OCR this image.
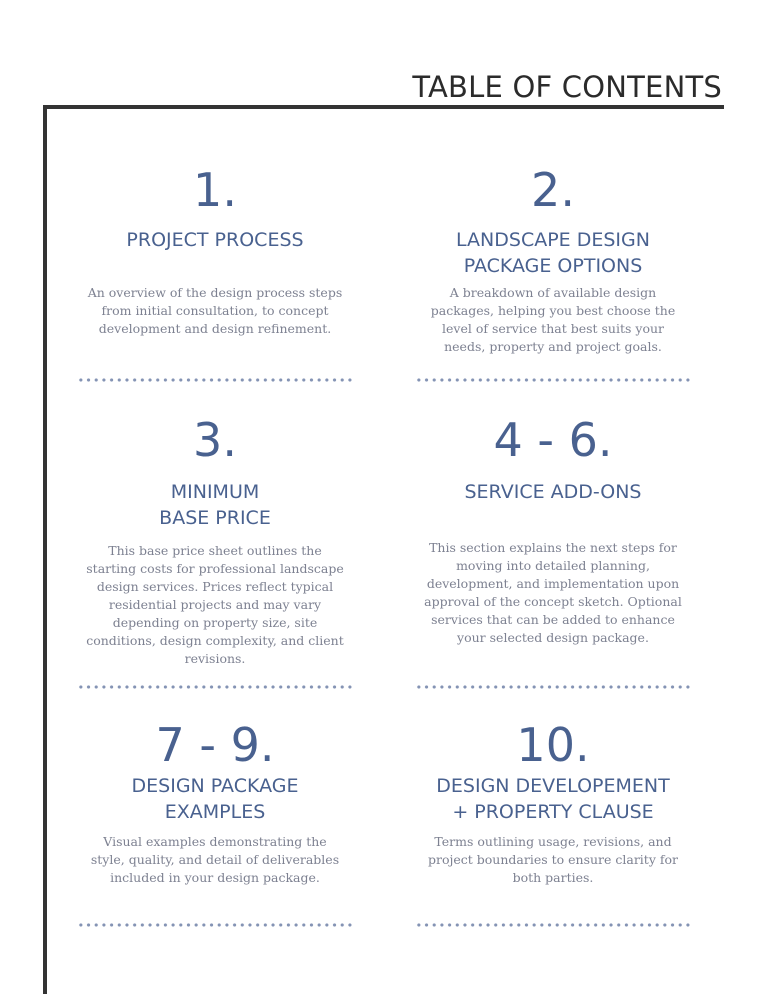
TABLE OF CONTENTS

1.

PROJECT PROCESS

An overview of the design process steps from initial consultation, to concept development and design refinement.

2.

LANDSCAPE DESIGN

PACKAGE OPTIONS

A breakdown of available design packages, helping you best choose the level of service that best suits your needs, property and project goals.

3.

MINIMUM

BASE PRICE

This base price sheet outlines the starting costs for professional landscape design services. Prices reflect typical residential projects and may vary depending on property size, site conditions, design complexity, and client revisions.

4 - 6.

SERVICE ADD-ONS

This section explains the next steps for moving into detailed planning, development, and implementation upon approval of the concept sketch. Optional services that can be added to enhance your selected design package.

7 - 9.

DESIGN PACKAGE

EXAMPLES

Visual examples demonstrating the style, quality, and detail of deliverables included in your design package.

10.

DESIGN DEVELOPEMENT

+ PROPERTY CLAUSE

Terms outlining usage, revisions, and project boundaries to ensure clarity for both parties.
